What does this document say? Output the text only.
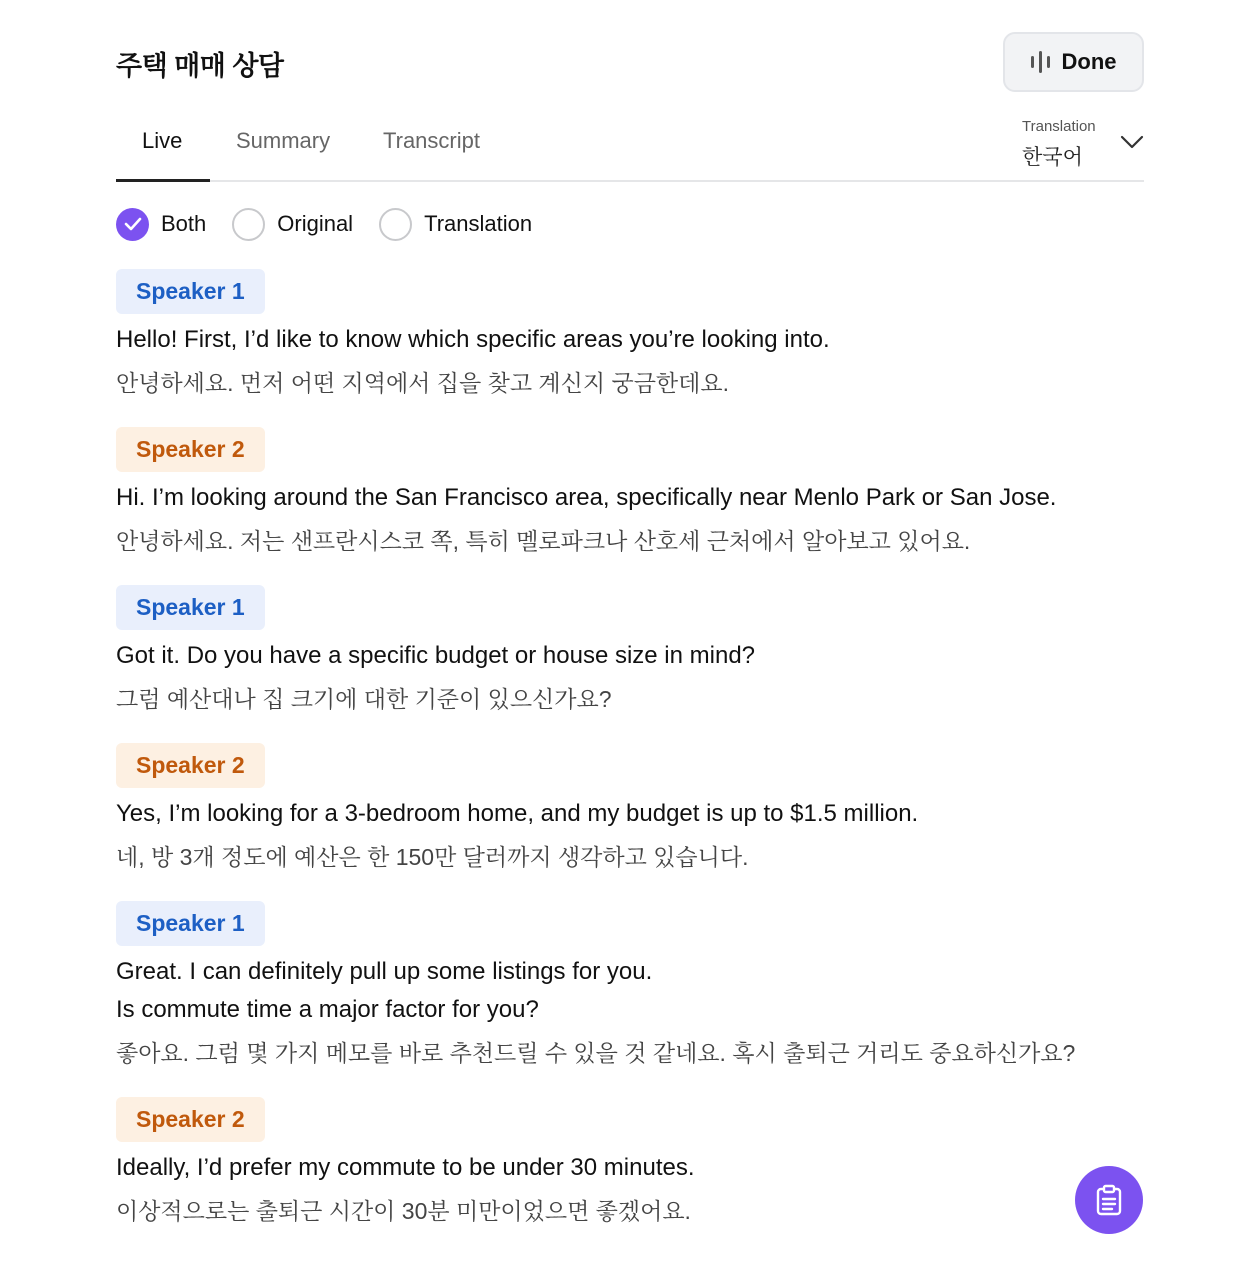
주택 매매 상담	Done
Live Summary Transcript
Translation
한국어
Both	Original	Translation
Speaker 1
Hello! First, I’d like to know which specific areas you’re looking into.
안녕하세요. 먼저 어떤 지역에서 집을 찾고 계신지 궁금한데요.
Speaker 2
Hi. I’m looking around the San Francisco area, specifically near Menlo Park or San Jose.
안녕하세요. 저는 샌프란시스코 쪽, 특히 멜로파크나 산호세 근처에서 알아보고 있어요.
Speaker 1
Got it. Do you have a specific budget or house size in mind?
그럼 예산대나 집 크기에 대한 기준이 있으신가요?
Speaker 2
Yes, I’m looking for a 3-bedroom home, and my budget is up to $1.5 million.
네, 방 3개 정도에 예산은 한 150만 달러까지 생각하고 있습니다.
Speaker 1
Great. I can definitely pull up some listings for you.
Is commute time a major factor for you?
좋아요. 그럼 몇 가지 메모를 바로 추천드릴 수 있을 것 같네요. 혹시 출퇴근 거리도 중요하신가요?
Speaker 2
Ideally, I’d prefer my commute to be under 30 minutes.
이상적으로는 출퇴근 시간이 30분 미만이었으면 좋겠어요.
